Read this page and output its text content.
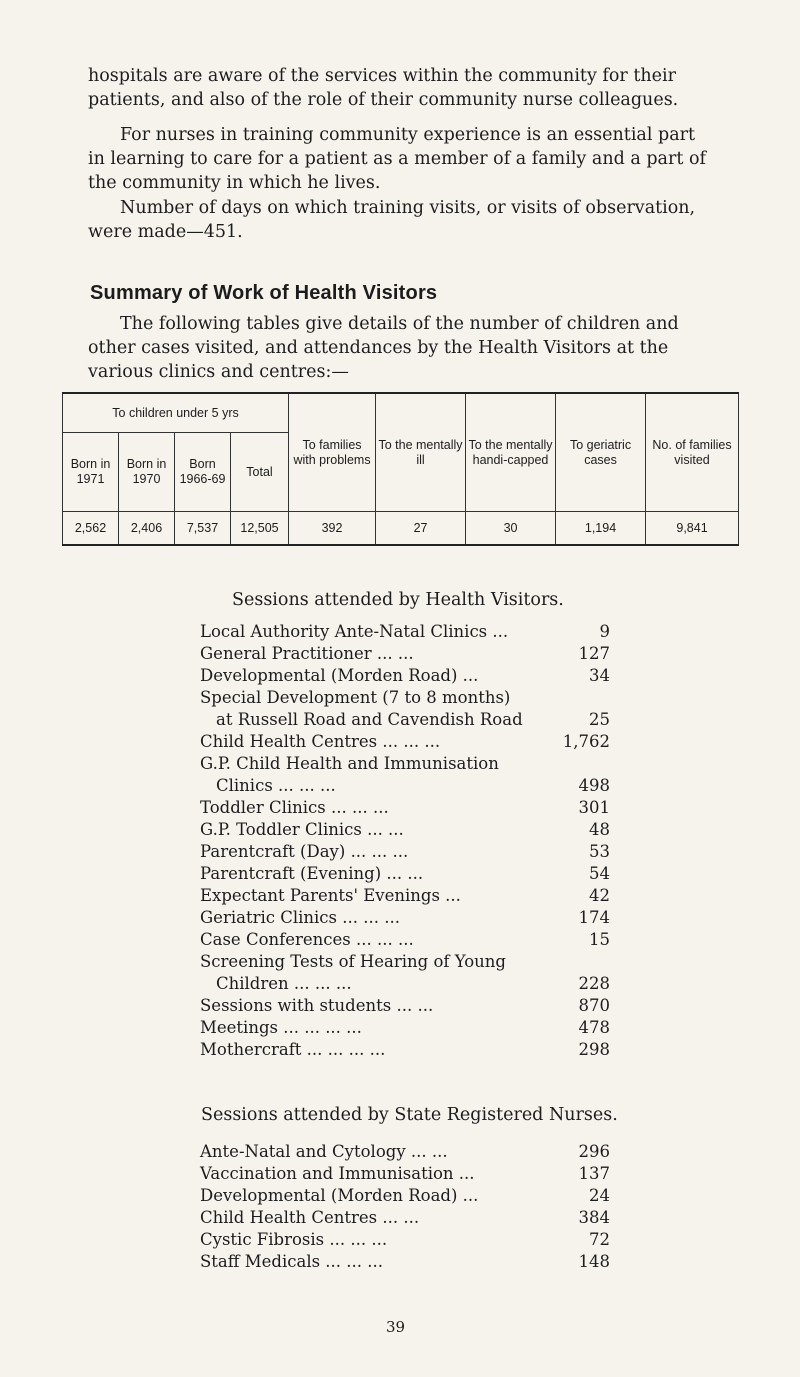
hospitals are aware of the services within the community for their patients, and also of the role of their community nurse colleagues.

For nurses in training community experience is an essential part in learning to care for a patient as a member of a family and a part of the community in which he lives.

Number of days on which training visits, or visits of observation, were made—451.

Summary of Work of Health Visitors

The following tables give details of the number of children and other cases visited, and attendances by the Health Visitors at the various clinics and centres:—

To children under 5 yrs				To families with problems	To the mentally ill	To the mentally handi-capped	To geriatric cases	No. of families visited
Born in 1971	Born in 1970	Born 1966-69	Total					
2,562	2,406	7,537	12,505	392	27	30	1,194	9,841

Sessions attended by Health Visitors.

Local Authority Ante-Natal Clinics ...	9
General Practitioner ... ...	127
Developmental (Morden Road) ...	34
Special Development (7 to 8 months)
at Russell Road and Cavendish Road	25
Child Health Centres ... ... ...	1,762
G.P. Child Health and Immunisation
Clinics ... ... ...	498
Toddler Clinics ... ... ...	301
G.P. Toddler Clinics ... ...	48
Parentcraft (Day) ... ... ...	53
Parentcraft (Evening) ... ...	54
Expectant Parents' Evenings ...	42
Geriatric Clinics ... ... ...	174
Case Conferences ... ... ...	15
Screening Tests of Hearing of Young
Children ... ... ...	228
Sessions with students ... ...	870
Meetings ... ... ... ...	478
Mothercraft ... ... ... ...	298

Sessions attended by State Registered Nurses.

Ante-Natal and Cytology ... ...	296
Vaccination and Immunisation ...	137
Developmental (Morden Road) ...	24
Child Health Centres ... ...	384
Cystic Fibrosis ... ... ...	72
Staff Medicals ... ... ...	148

39
